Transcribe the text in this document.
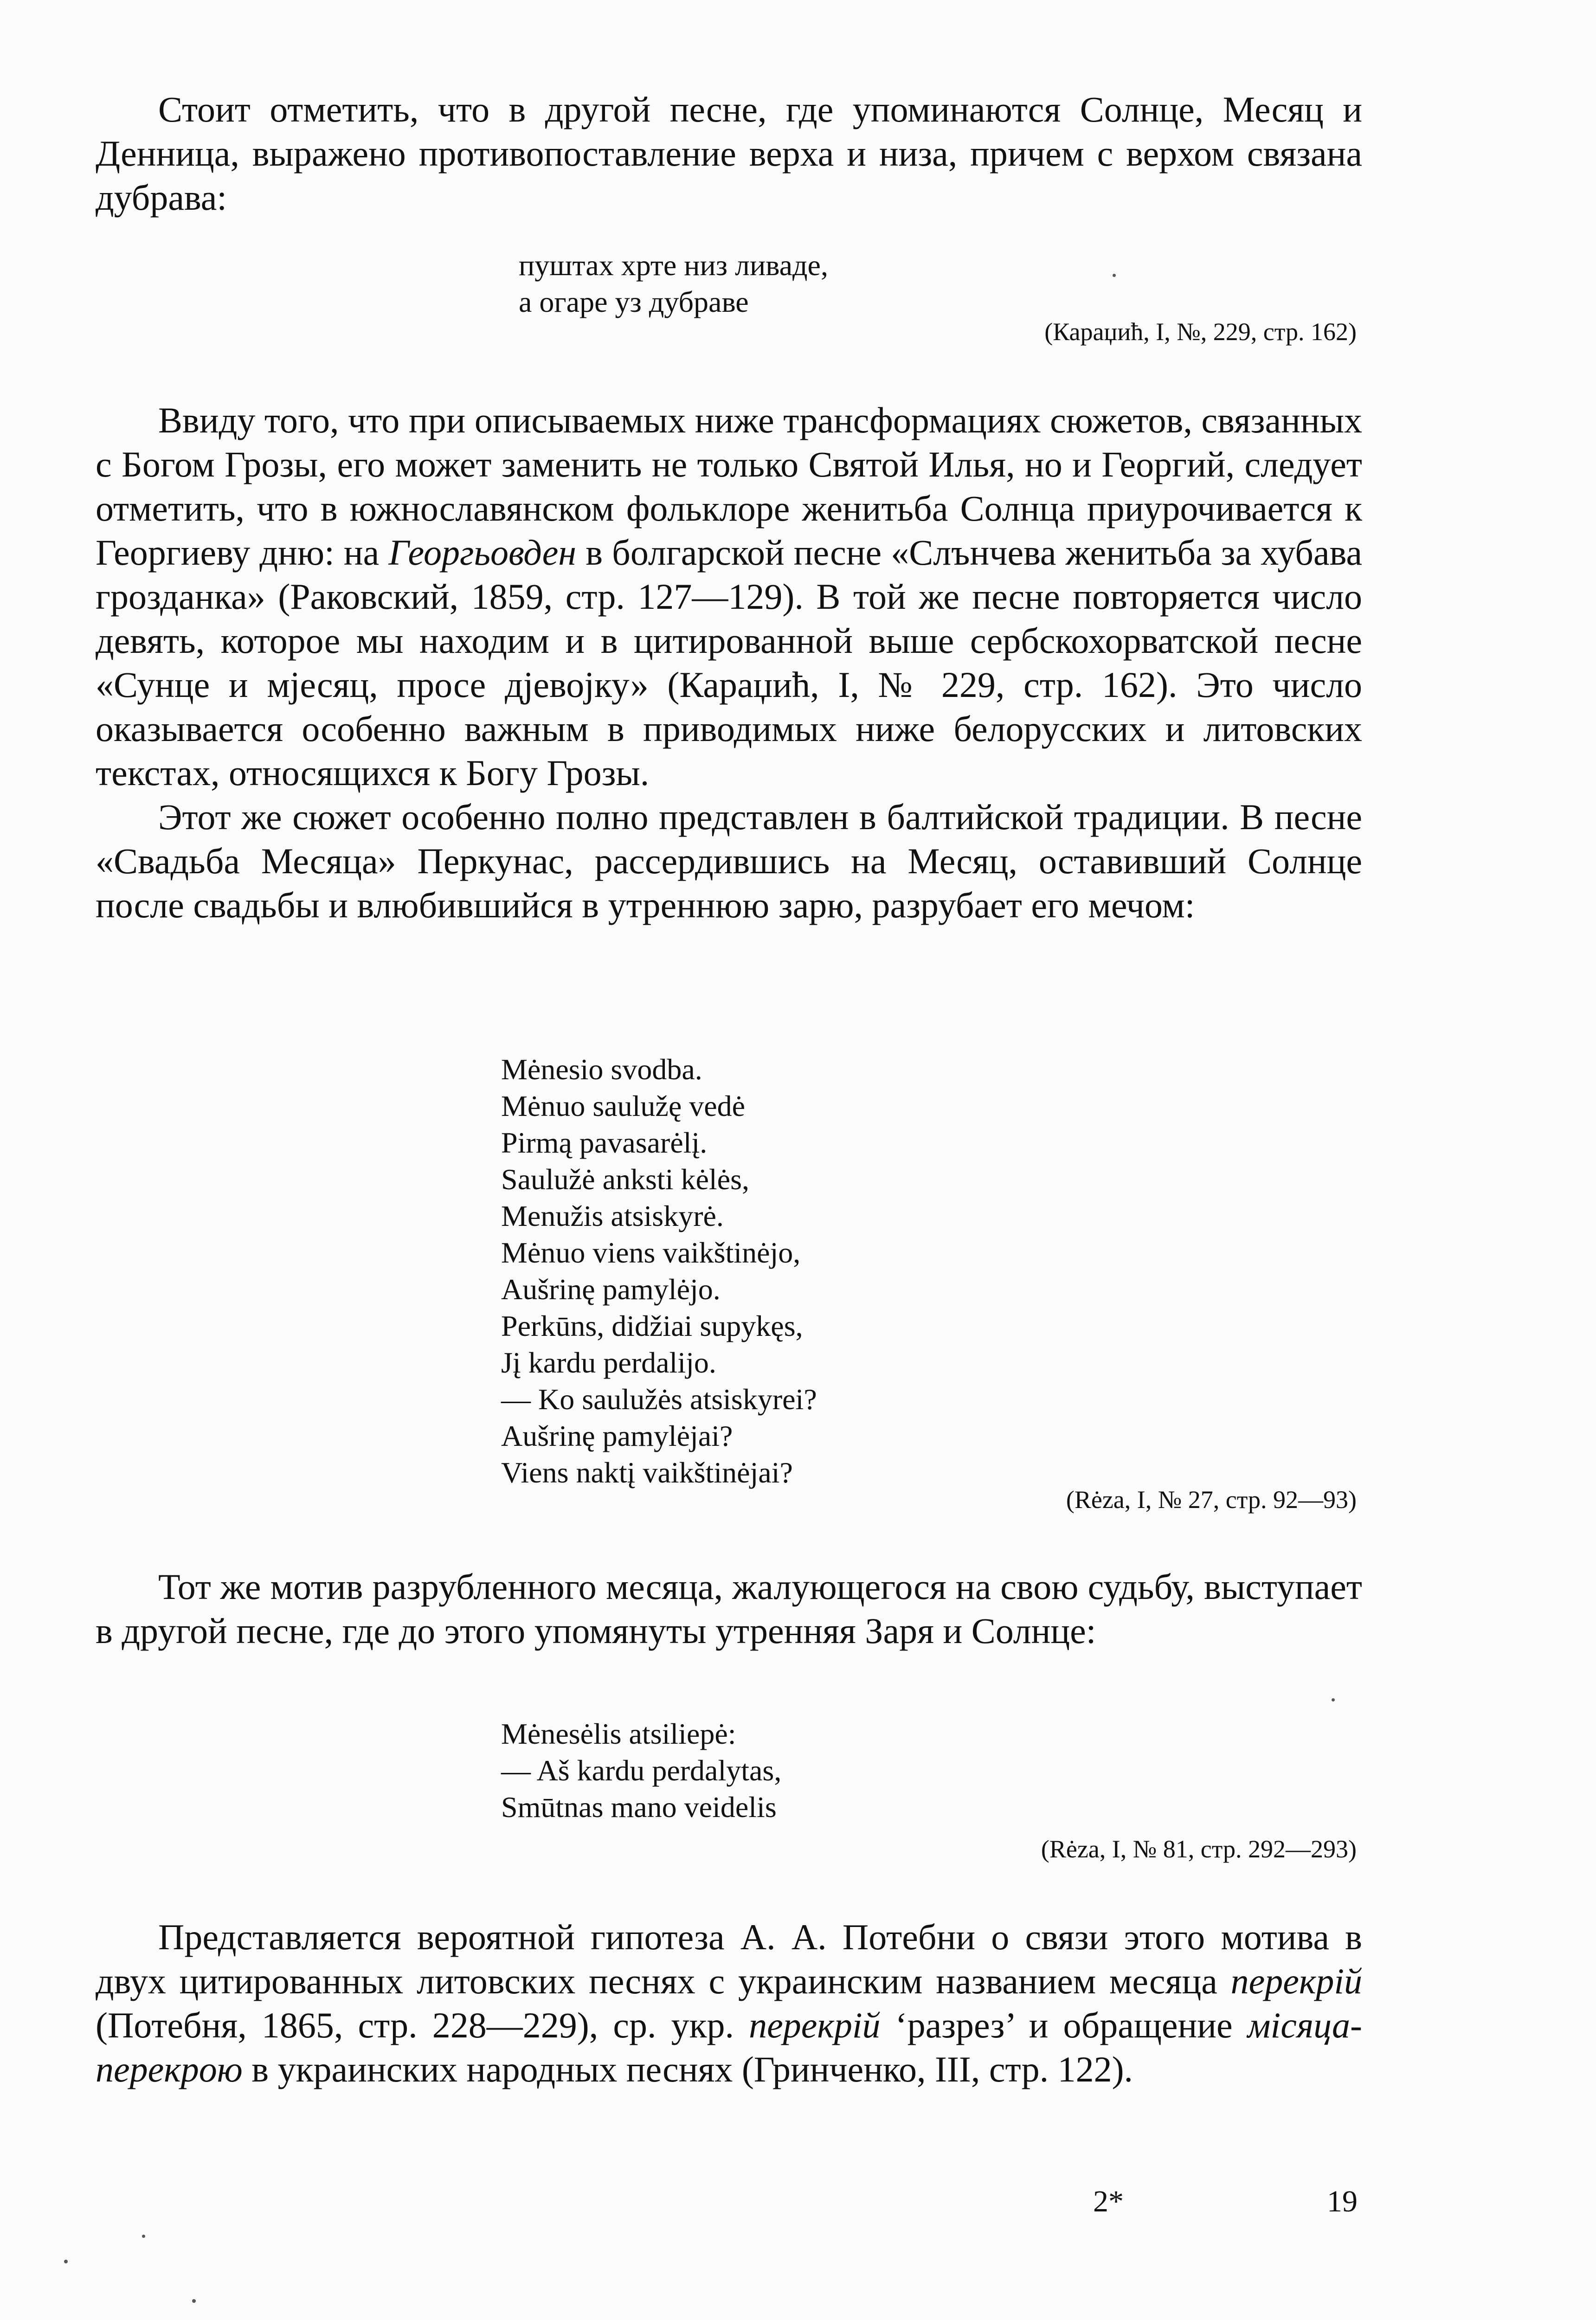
Стоит отметить, что в другой песне, где упоминаются Солнце, Месяц и Денница, выражено противопоставление верха и низа, причем с верхом связана дубрава:

пуштах хрте низ ливаде,
а огаре уз дубраве
(Караџић, I, №, 229, стр. 162)

Ввиду того, что при описываемых ниже трансформациях сюжетов, связанных с Богом Грозы, его может заменить не только Святой Илья, но и Георгий, следует отметить, что в южнославянском фольклоре женитьба Солнца приурочивается к Георгиеву дню: на Георгьовден в болгарской песне «Слънчева женитьба за хубава гроздaнка» (Раковский, 1859, стр. 127—129). В той же песне повторяется число девять, которое мы находим и в цитированной выше сербскохорватской песне «Сунце и мјесяц, просе дјевојку» (Караџић, I, № 229, стр. 162). Это число оказывается особенно важным в приводимых ниже белорусских и литовских текстах, относящихся к Богу Грозы.

Этот же сюжет особенно полно представлен в балтийской традиции. В песне «Свадьба Месяца» Перкунас, рассердившись на Месяц, оставивший Солнце после свадьбы и влюбившийся в утреннюю зарю, разрубает его мечом:

Mėnesio svodba.
Mėnuo saulužę vedė
Pirmą pavasarėlį.
Saulužė anksti kėlės,
Menužis atsiskyrė.
Mėnuo viens vaikštinėjo,
Aušrinę pamylėjo.
Perkūns, didžiai supykęs,
Jį kardu perdalijo.
— Ko saulužės atsiskyrei?
Aušrinę pamylėjai?
Viens naktį vaikštinėjai?
(Rėza, I, № 27, стр. 92—93)

Тот же мотив разрубленного месяца, жалующегося на свою судьбу, выступает в другой песне, где до этого упомянуты утренняя Заря и Солнце:

Mėnesėlis atsiliepė:
— Aš kardu perdalytas,
Smūtnas mano veidelis
(Rėza, I, № 81, стр. 292—293)

Представляется вероятной гипотеза А. А. Потебни о связи этого мотива в двух цитированных литовских песнях с украинским названием месяца перекрiй (Потебня, 1865, стр. 228—229), ср. укр. перекрiй ‘разрез’ и обращение мiсяца-перекрою в украинских народных песнях (Гринченко, III, стр. 122).

2*	19
